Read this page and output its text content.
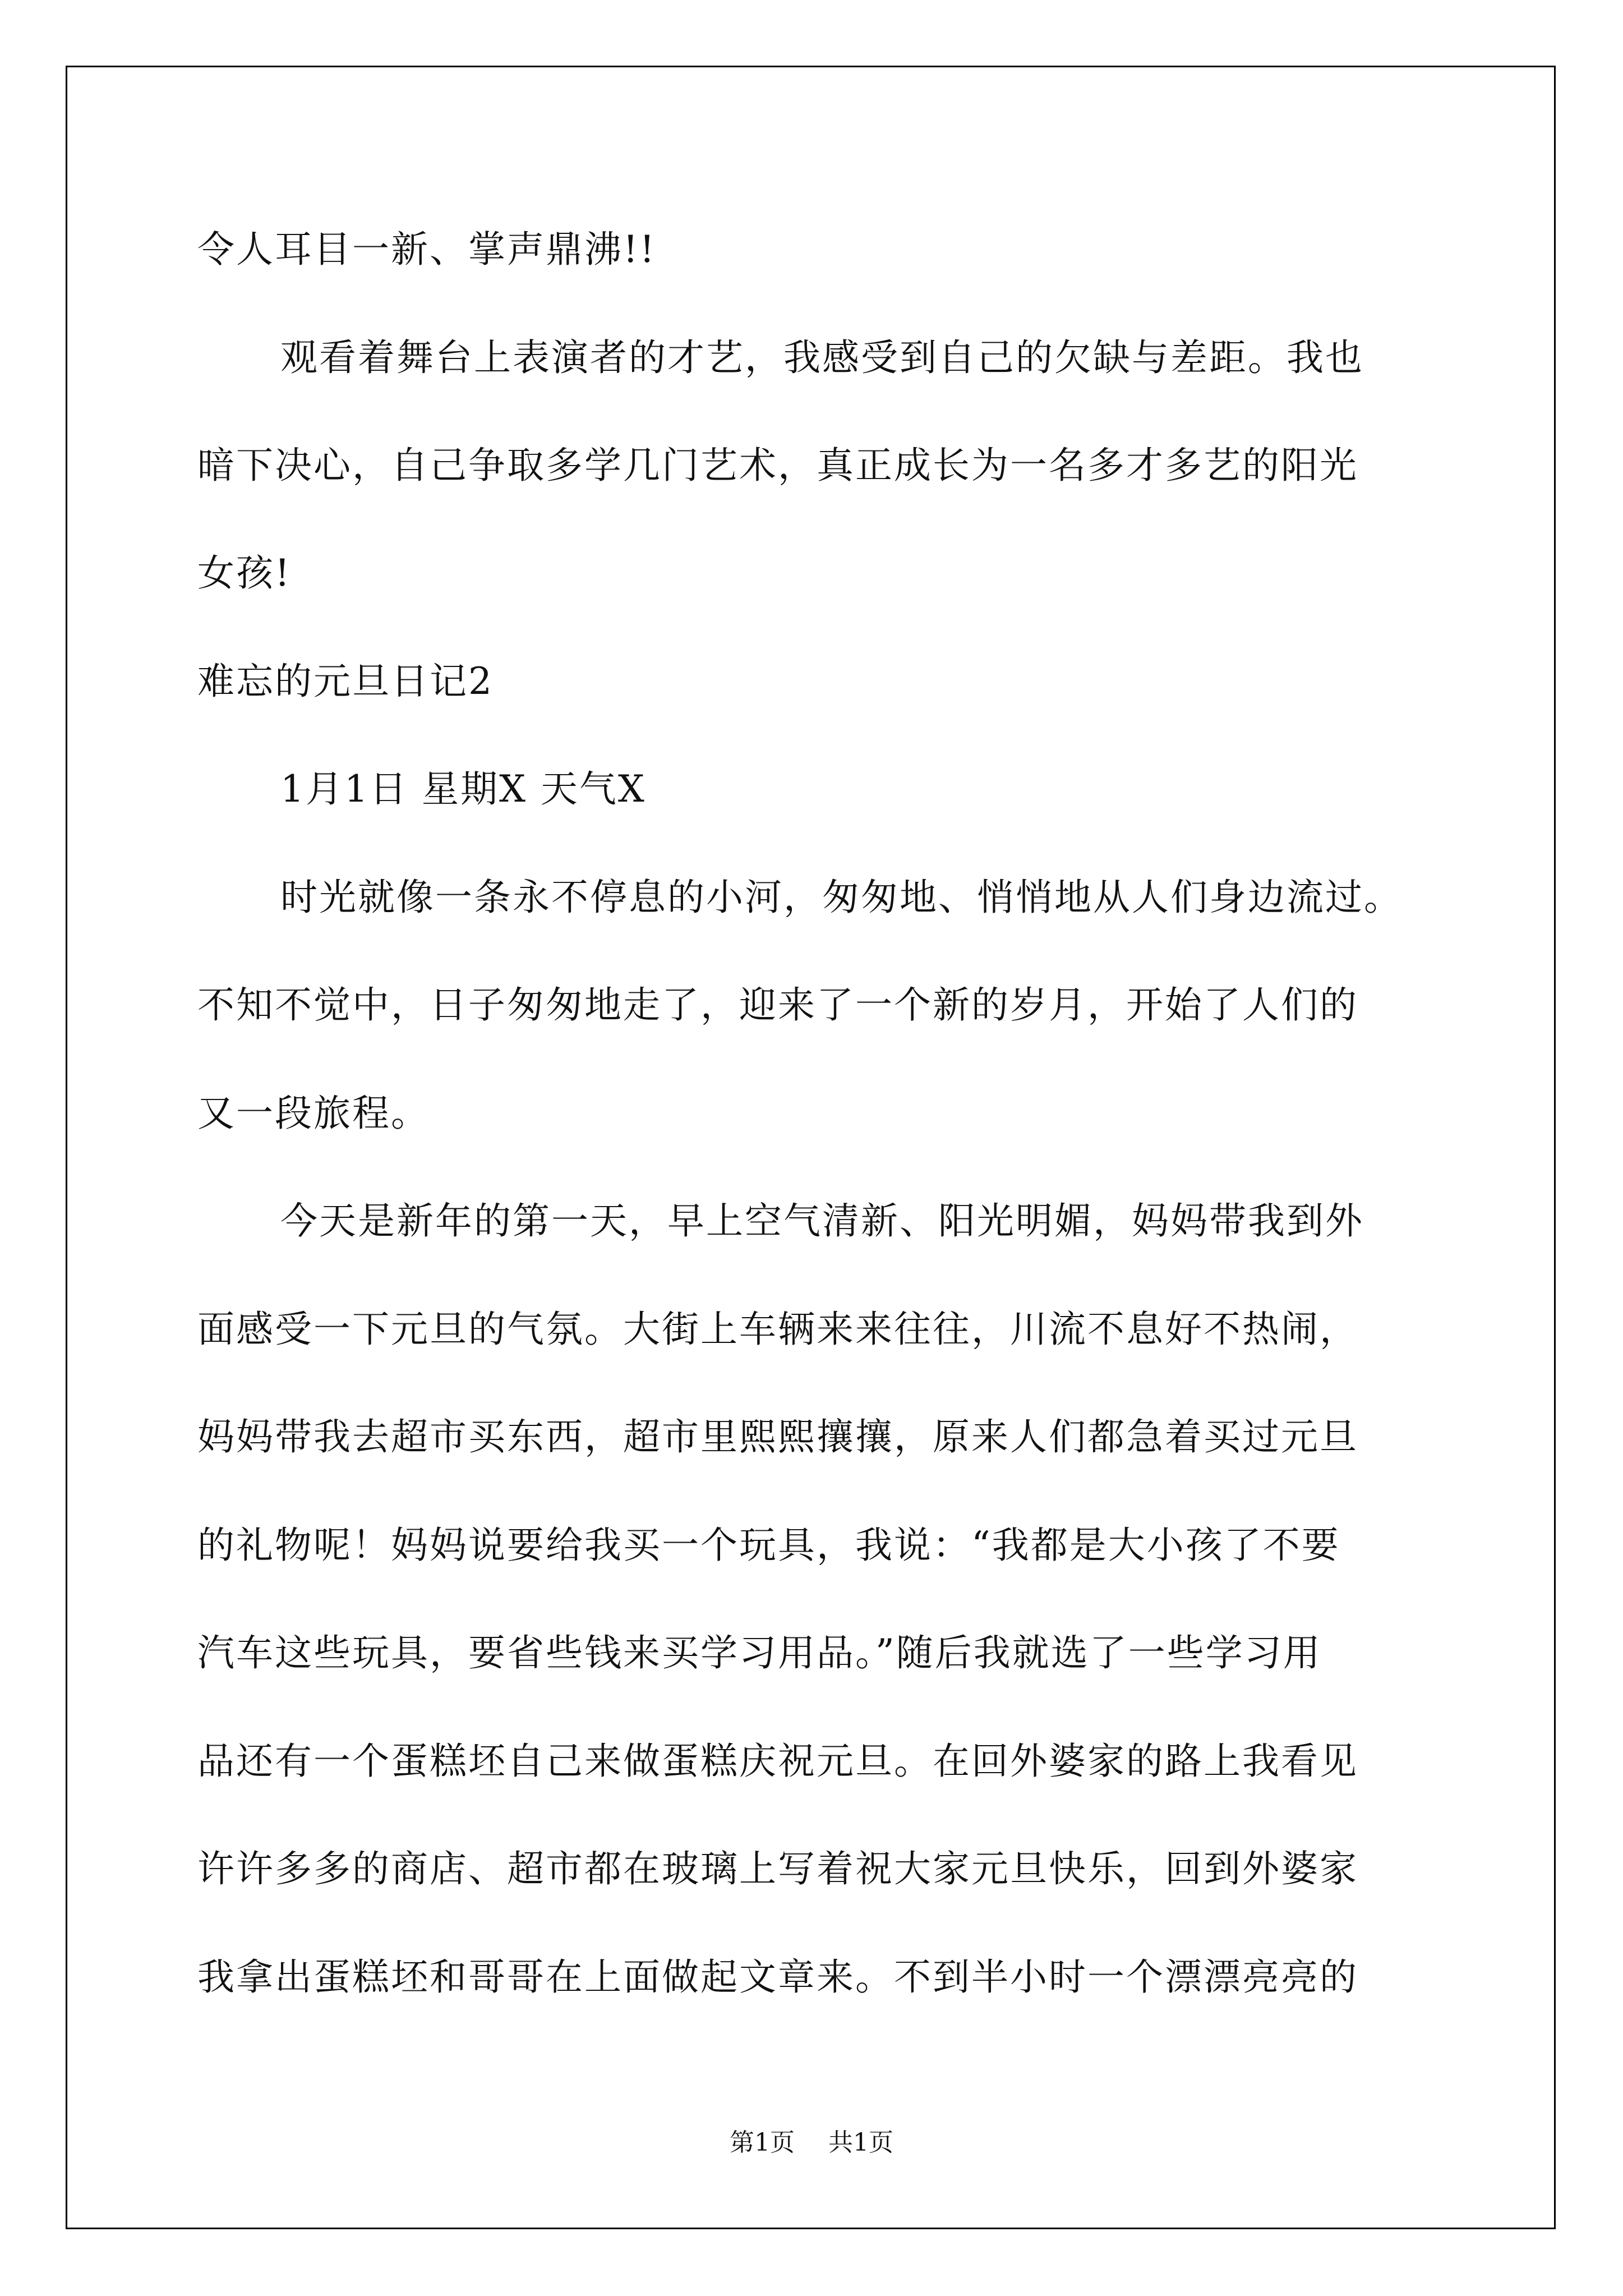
令人耳目一新、掌声鼎沸!!
观看着舞台上表演者的才艺，我感受到自己的欠缺与差距。我也
暗下决心，自己争取多学几门艺术，真正成长为一名多才多艺的阳光
女孩!
难忘的元旦日记2
1月1日 星期X 天气X
时光就像一条永不停息的小河，匆匆地、悄悄地从人们身边流过。
不知不觉中，日子匆匆地走了，迎来了一个新的岁月，开始了人们的
又一段旅程。
今天是新年的第一天，早上空气清新、阳光明媚，妈妈带我到外
面感受一下元旦的气氛。大街上车辆来来往往，川流不息好不热闹，
妈妈带我去超市买东西，超市里熙熙攘攘，原来人们都急着买过元旦
的礼物呢！妈妈说要给我买一个玩具，我说：“我都是大小孩了不要
汽车这些玩具，要省些钱来买学习用品。”随后我就选了一些学习用
品还有一个蛋糕坯自己来做蛋糕庆祝元旦。在回外婆家的路上我看见
许许多多的商店、超市都在玻璃上写着祝大家元旦快乐，回到外婆家
我拿出蛋糕坯和哥哥在上面做起文章来。不到半小时一个漂漂亮亮的
第1页 共1页
